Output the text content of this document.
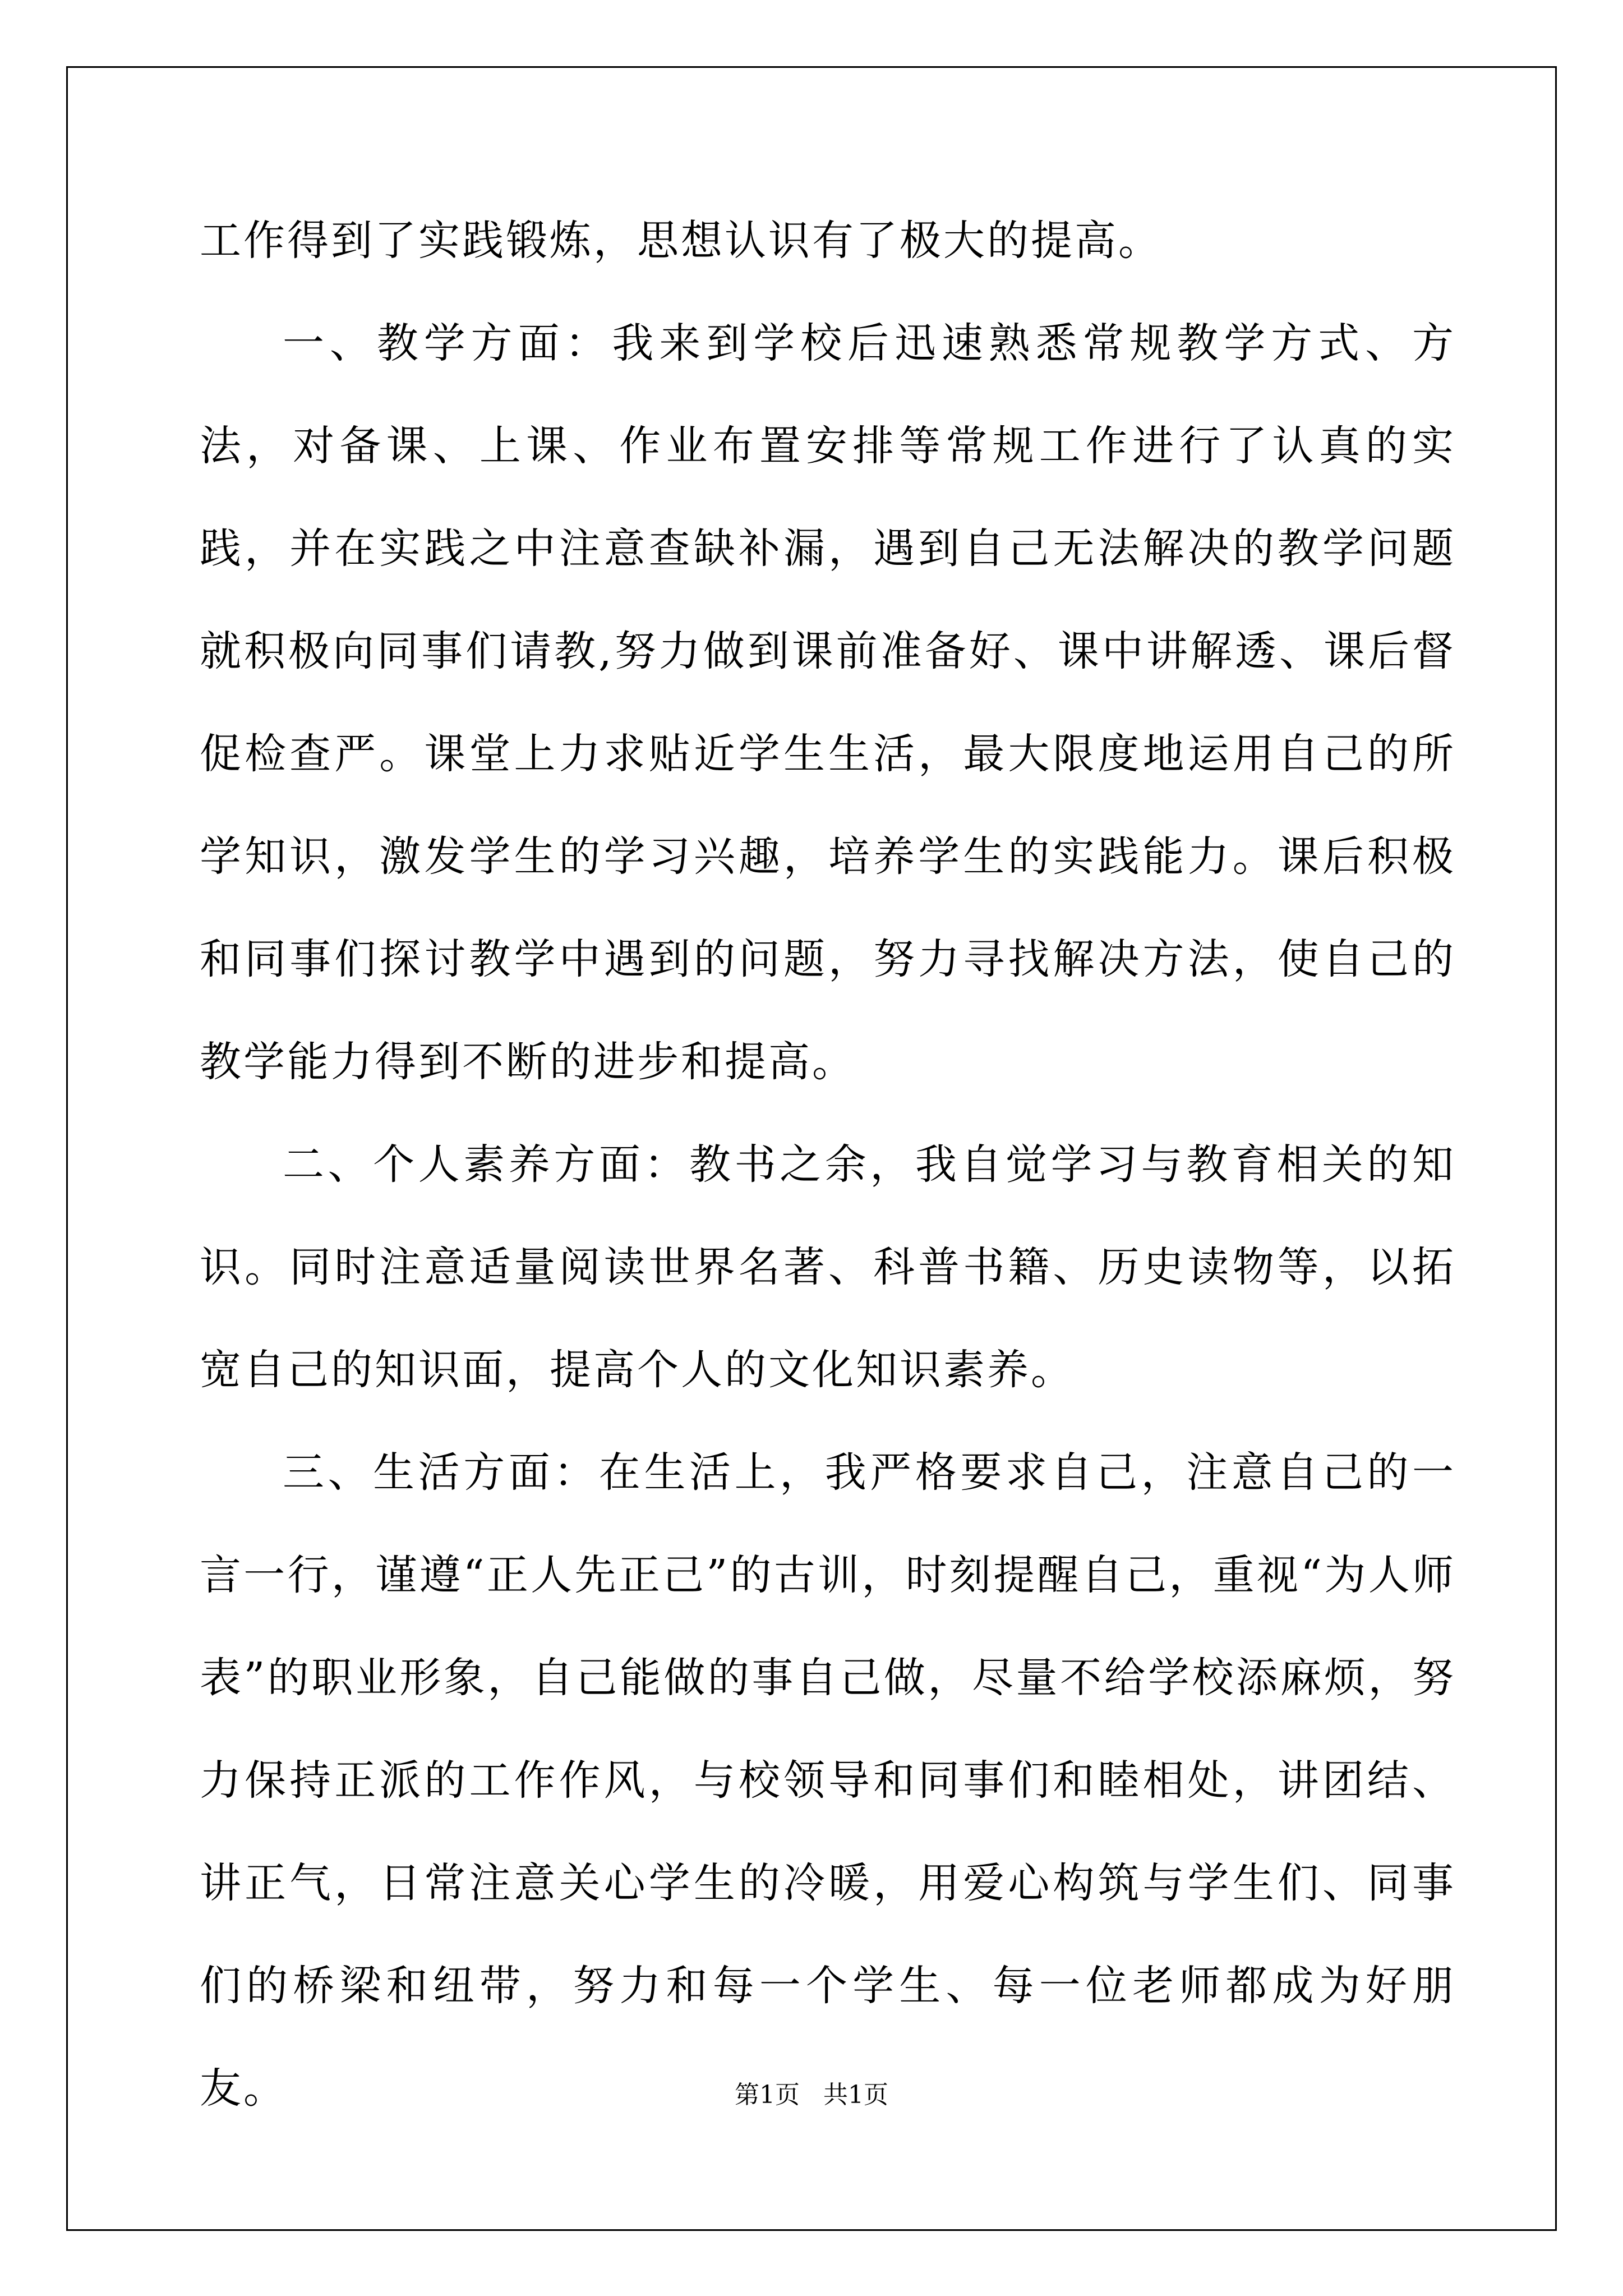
工作得到了实践锻炼，思想认识有了极大的提高。

一、教学方面：我来到学校后迅速熟悉常规教学方式、方法，对备课、上课、作业布置安排等常规工作进行了认真的实践，并在实践之中注意查缺补漏，遇到自己无法解决的教学问题就积极向同事们请教,努力做到课前准备好、课中讲解透、课后督促检查严。课堂上力求贴近学生生活，最大限度地运用自己的所学知识，激发学生的学习兴趣，培养学生的实践能力。课后积极和同事们探讨教学中遇到的问题，努力寻找解决方法，使自己的教学能力得到不断的进步和提高。

二、个人素养方面：教书之余，我自觉学习与教育相关的知识。同时注意适量阅读世界名著、科普书籍、历史读物等，以拓宽自己的知识面，提高个人的文化知识素养。

三、生活方面：在生活上，我严格要求自己，注意自己的一言一行，谨遵“正人先正己”的古训，时刻提醒自己，重视“为人师表”的职业形象，自己能做的事自己做，尽量不给学校添麻烦，努力保持正派的工作作风，与校领导和同事们和睦相处，讲团结、讲正气，日常注意关心学生的冷暖，用爱心构筑与学生们、同事们的桥梁和纽带，努力和每一个学生、每一位老师都成为好朋友。	第1页   共1页
